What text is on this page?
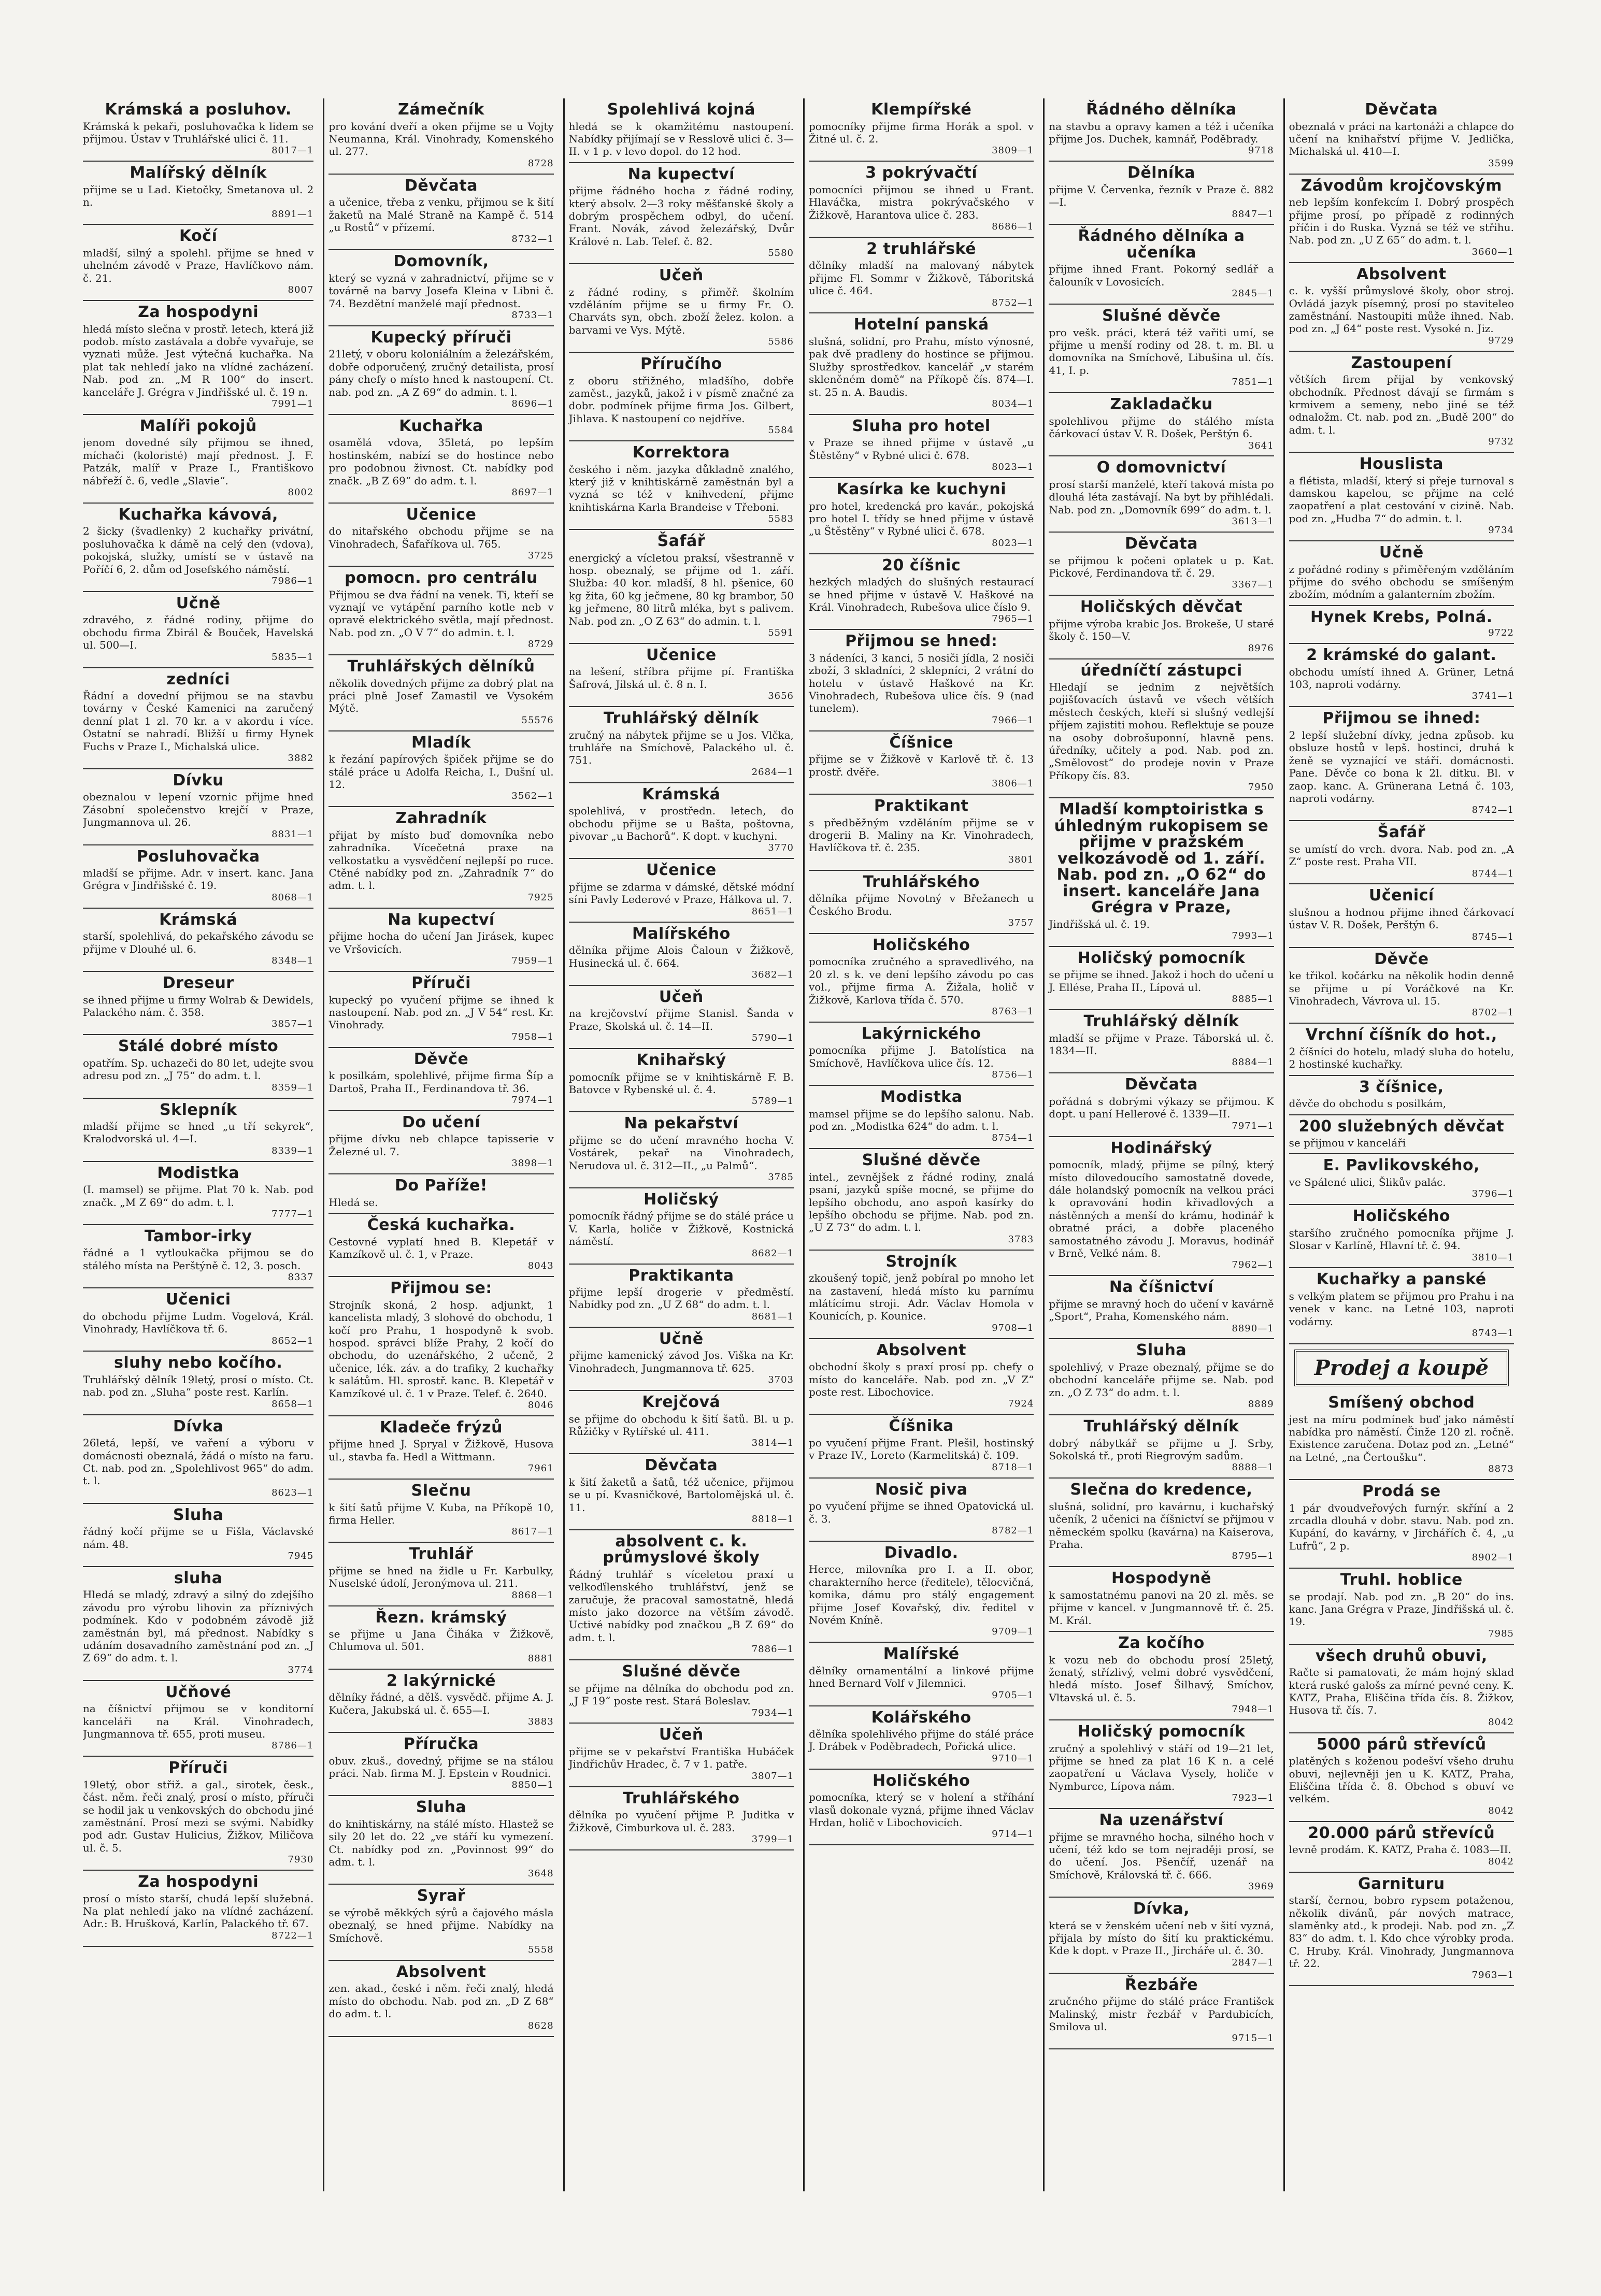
Krámská a posluhov.

Krámská k pekaři, posluhovačka k lidem se přijmou. Ústav v Truhlářské ulici č. 11.
8017—1

Malířský dělník

přijme se u Lad. Kietočky, Smetanova ul. 2 n.
8891—1

Kočí

mladší, silný a spolehl. přijme se hned v uhelném závodě v Praze, Havlíčkovo nám. č. 21.
8007

Za hospodyni

hledá místo slečna v prostř. letech, která již podob. místo zastávala a dobře vyvařuje, se vyznati může. Jest výtečná kuchařka. Na plat tak nehledí jako na vlídné zacházení. Nab. pod zn. „M R 100“ do insert. kanceláře J. Grégra v Jindřišské ul. č. 19 n.
7991—1

Malíři pokojů

jenom dovedné síly přijmou se ihned, míchači (koloristé) mají přednost. J. F. Patzák, malíř v Praze I., Františkovo nábřeží č. 6, vedle „Slavie“.
8002

Kuchařka kávová,

2 šicky (švadlenky) 2 kuchařky privátní, posluhovačka k dámě na celý den (vdova), pokojská, služky, umístí se v ústavě na Poříčí 6, 2. dům od Josefského náměstí.
7986—1

Učně

zdravého, z řádné rodiny, přijme do obchodu firma Zbirál & Bouček, Havelská ul. 500—I.
5835—1

zedníci

Řádní a dovední přijmou se na stavbu továrny v České Kamenici na zaručený denní plat 1 zl. 70 kr. a v akordu i více. Ostatní se nahradí. Bližší u firmy Hynek Fuchs v Praze I., Michalská ulice.
3882

Dívku

obeznalou v lepení vzornic přijme hned Zásobní společenstvo krejčí v Praze, Jungmannova ul. 26.
8831—1

Posluhovačka

mladší se přijme. Adr. v insert. kanc. Jana Grégra v Jindřišské č. 19.
8068—1

Krámská

starší, spolehlivá, do pekařského závodu se přijme v Dlouhé ul. 6.
8348—1

Dreseur

se ihned přijme u firmy Wolrab & Dewidels, Palackého nám. č. 358.
3857—1

Stálé dobré místo

opatřím. Sp. uchazeči do 80 let, udejte svou adresu pod zn. „J 75“ do adm. t. l.
8359—1

Sklepník

mladší přijme se hned „u tří sekyrek“, Kralodvorská ul. 4—I.
8339—1

Modistka

(I. mamsel) se přijme. Plat 70 k. Nab. pod značk. „M Z 69“ do adm. t. l.
7777—1

Tambor-irky

řádné a 1 vytloukačka přijmou se do stálého místa na Perštýně č. 12, 3. posch.
8337

Učenici

do obchodu přijme Ludm. Vogelová, Král. Vinohrady, Havlíčkova tř. 6.
8652—1

sluhy nebo kočího.

Truhlářský dělník 19letý, prosí o místo. Ct. nab. pod zn. „Sluha“ poste rest. Karlín.
8658—1

Dívka

26letá, lepší, ve vaření a výboru v domácnosti obeznalá, žádá o místo na faru. Ct. nab. pod zn. „Spolehlivost 965“ do adm. t. l.
8623—1

Sluha

řádný kočí přijme se u Fišla, Václavské nám. 48.
7945

sluha

Hledá se mladý, zdravý a silný do zdejšího závodu pro výrobu lihovin za příznivých podmínek. Kdo v podobném závodě již zaměstnán byl, má přednost. Nabídky s udáním dosavadního zaměstnání pod zn. „J Z 69“ do adm. t. l.
3774

Učňové

na číšnictví přijmou se v konditorní kanceláři na Král. Vinohradech, Jungmannova tř. 655, proti museu.
8786—1

Příruči

19letý, obor střiž. a gal., sirotek, česk., část. něm. řeči znalý, prosí o místo, příruči se hodil jak u venkovských do obchodu jiné zaměstnání. Prosí mezi se svými. Nabídky pod adr. Gustav Hulicius, Žižkov, Miličova ul. č. 5.
7930

Za hospodyni

prosí o místo starší, chudá lepší služebná. Na plat nehledí jako na vlídné zacházení. Adr.: B. Hrušková, Karlín, Palackého tř. 67.
8722—1

Zámečník

pro kování dveří a oken přijme se u Vojty Neumanna, Král. Vinohrady, Komenského ul. 277.
8728

Děvčata

a učenice, třeba z venku, přijmou se k šití žaketů na Malé Straně na Kampě č. 514 „u Rostů“ v přízemí.
8732—1

Domovník,

který se vyzná v zahradnictví, přijme se v továrně na barvy Josefa Kleina v Libni č. 74. Bezdětní manželé mají přednost.
8733—1

Kupecký příruči

21letý, v oboru koloniálním a železářském, dobře odporučený, zručný detailista, prosí pány chefy o místo hned k nastoupení. Ct. nab. pod zn. „A Z 69“ do admin. t. l.
8696—1

Kuchařka

osamělá vdova, 35letá, po lepším hostinském, nabízí se do hostince nebo pro podobnou živnost. Ct. nabídky pod značk. „B Z 69“ do adm. t. l.
8697—1

Učenice

do nitařského obchodu přijme se na Vinohradech, Šafaříkova ul. 765.
3725

pomocn. pro centrálu

Přijmou se dva řádní na venek. Ti, kteří se vyznají ve vytápění parního kotle neb v opravě elektrického světla, mají přednost. Nab. pod zn. „O V 7“ do admin. t. l.
8729

Truhlářských dělníků

několik dovedných přijme za dobrý plat na práci plně Josef Zamastil ve Vysokém Mýtě.
55576

Mladík

k řezání papírových špiček přijme se do stálé práce u Adolfa Reicha, I., Dušní ul. 12.
3562—1

Zahradník

přijat by místo buď domovníka nebo zahradníka. Vícečetná praxe na velkostatku a vysvědčení nejlepší po ruce. Ctěné nabídky pod zn. „Zahradník 7“ do adm. t. l.
7925

Na kupectví

přijme hocha do učení Jan Jirásek, kupec ve Vršovicích.
7959—1

Příruči

kupecký po vyučení přijme se ihned k nastoupení. Nab. pod zn. „J V 54“ rest. Kr. Vinohrady.
7958—1

Děvče

k posilkám, spolehlivé, přijme firma Šíp a Dartoš, Praha II., Ferdinandova tř. 36.
7974—1

Do učení

přijme dívku neb chlapce tapisserie v Železné ul. 7.
3898—1

Do Paříže!

Hledá se.

Česká kuchařka.

Cestovné vyplatí hned B. Klepetář v Kamzíkově ul. č. 1, v Praze.
8043

Přijmou se:

Strojník skoná, 2 hosp. adjunkt, 1 kancelista mladý, 3 slohové do obchodu, 1 kočí pro Prahu, 1 hospodyně k svob. hospod. správci blíže Prahy, 2 kočí do obchodu, do uzenářského, 2 učeně, 2 učenice, lék. záv. a do trafiky, 2 kuchařky k salátům. Hl. sprostř. kanc. B. Klepetář v Kamzíkové ul. č. 1 v Praze. Telef. č. 2640.
8046

Kladeče frýzů

přijme hned J. Spryal v Žižkově, Husova ul., stavba fa. Hedl a Wittmann.
7961

Slečnu

k šití šatů přijme V. Kuba, na Příkopě 10, firma Heller.
8617—1

Truhlář

přijme se hned na židle u Fr. Karbulky, Nuselské údolí, Jeronýmova ul. 211.
8868—1

Řezn. krámský

se přijme u Jana Čiháka v Žižkově, Chlumova ul. 501.
8881

2 lakýrnické

dělníky řádné, a dělš. vysvědč. přijme A. J. Kučera, Jakubská ul. č. 655—I.
3883

Příručka

obuv. zkuš., dovedný, přijme se na stálou práci. Nab. firma M. J. Epstein v Roudnici.
8850—1

Sluha

do knihtiskárny, na stálé místo. Hlastež se sily 20 let do. 22 „ve stáří ku vymezení. Ct. nabídky pod zn. „Povinnost 99“ do adm. t. l.
3648

Syrař

se výrobě měkkých sýrů a čajového másla obeznalý, se hned přijme. Nabídky na Smíchově.
5558

Absolvent

zen. akad., české i něm. řeči znalý, hledá místo do obchodu. Nab. pod zn. „D Z 68“ do adm. t. l.
8628

Spolehlivá kojná

hledá se k okamžitému nastoupení. Nabídky přijímají se v Resslově ulici č. 3—II. v 1 p. v levo dopol. do 12 hod.

Na kupectví

přijme řádného hocha z řádné rodiny, který absolv. 2—3 roky měšťanské školy a dobrým prospěchem odbyl, do učení. Frant. Novák, závod železářský, Dvůr Králové n. Lab. Telef. č. 82.
5580

Učeň

z řádné rodiny, s přiměř. školním vzděláním přijme se u firmy Fr. O. Charváts syn, obch. zboží želez. kolon. a barvami ve Vys. Mýtě.
5586

Příručího

z oboru střižného, mladšího, dobře zaměst., jazyků, jakož i v písmě značné za dobr. podmínek přijme firma Jos. Gilbert, Jihlava. K nastoupení co nejdříve.
5584

Korrektora

českého i něm. jazyka důkladně znalého, který již v knihtiskárně zaměstnán byl a vyzná se též v knihvedení, přijme knihtiskárna Karla Brandeise v Třeboni.
5583

Šafář

energický a vícletou praksí, všestranně v hosp. obeznalý, se přijme od 1. září. Služba: 40 kor. mladší, 8 hl. pšenice, 60 kg žita, 60 kg ječmene, 80 kg brambor, 50 kg jeřmene, 80 litrů mléka, byt s palivem. Nab. pod zn. „O Z 63“ do admin. t. l.
5591

Učenice

na lešení, stříbra přijme pí. Františka Šafrová, Jilská ul. č. 8 n. I.
3656

Truhlářský dělník

zručný na nábytek přijme se u Jos. Vlčka, truhláře na Smíchově, Palackého ul. č. 751.
2684—1

Krámská

spolehlivá, v prostředn. letech, do obchodu přijme se u Bašta, poštovna, pivovar „u Bachorů“. K dopt. v kuchyni.
3770

Učenice

přijme se zdarma v dámské, dětské módní síni Pavly Lederové v Praze, Hálkova ul. 7.
8651—1

Malířského

dělníka přijme Alois Čaloun v Žižkově, Husinecká ul. č. 664.
3682—1

Učeň

na krejčovství přijme Stanisl. Šanda v Praze, Skolská ul. č. 14—II.
5790—1

Knihařský

pomocník přijme se v knihtiskárně F. B. Batovce v Rybenské ul. č. 4.
5789—1

Na pekařství

přijme se do učení mravného hocha V. Vostárek, pekař na Vinohradech, Nerudova ul. č. 312—II., „u Palmů“.
3785

Holičský

pomocník řádný přijme se do stálé práce u V. Karla, holiče v Žižkově, Kostnická náměstí.
8682—1

Praktikanta

přijme lepší drogerie v předměstí. Nabídky pod zn. „U Z 68“ do adm. t. l.
8681—1

Učně

přijme kamenický závod Jos. Viška na Kr. Vinohradech, Jungmannova tř. 625.
3703

Krejčová

se přijme do obchodu k šití šatů. Bl. u p. Růžičky v Rytířské ul. 411.
3814—1

Děvčata

k šití žaketů a šatů, též učenice, přijmou se u pí. Kvasničkové, Bartolomějská ul. č. 11.
8818—1

absolvent c. k. průmyslové školy

Řádný truhlář s víceletou praxí u velkoďílenského truhlářství, jenž se zaručuje, že pracoval samostatně, hledá místo jako dozorce na větším závodě. Uctivé nabídky pod značkou „B Z 69“ do adm. t. l.
7886—1

Slušné děvče

se přijme na dělníka do obchodu pod zn. „J F 19“ poste rest. Stará Boleslav.
7934—1

Učeň

přijme se v pekařství Františka Hubáček Jindřichův Hradec, č. 7 v 1. patře.
3807—1

Truhlářského

dělníka po vyučení přijme P. Juditka v Žižkově, Cimburkova ul. č. 283.
3799—1

Klempířské

pomocníky přijme firma Horák a spol. v Žitné ul. č. 2.
3809—1

3 pokrývačtí

pomocníci přijmou se ihned u Frant. Hlaváčka, mistra pokrývačského v Žižkově, Harantova ulice č. 283.
8686—1

2 truhlářské

dělníky mladší na malovaný nábytek přijme Fl. Sommr v Žižkově, Táboritská ulice č. 464.
8752—1

Hotelní panská

slušná, solidní, pro Prahu, místo výnosné, pak dvě pradleny do hostince se přijmou. Služby sprostředkov. kancelář „v starém skleněném domě“ na Příkopě čís. 874—I. st. 25 n. A. Baudis.
8034—1

Sluha pro hotel

v Praze se ihned přijme v ústavě „u Štěstěny“ v Rybné ulici č. 678.
8023—1

Kasírka ke kuchyni

pro hotel, kredencká pro kavár., pokojská pro hotel I. třídy se hned přijme v ústavě „u Štěstěny“ v Rybné ulici č. 678.
8023—1

20 číšnic

hezkých mladých do slušných restaurací se hned přijme v ústavě V. Haškové na Král. Vinohradech, Rubešova ulice číslo 9.
7965—1

Přijmou se hned:

3 nádeníci, 3 kanci, 5 nosiči jídla, 2 nosiči zboží, 3 skladníci, 2 sklepníci, 2 vrátní do hotelu v ústavě Haškové na Kr. Vinohradech, Rubešova ulice čís. 9 (nad tunelem).
7966—1

Číšnice

přijme se v Žižkově v Karlově tř. č. 13 prostř. dvěře.
3806—1

Praktikant

s předběžným vzděláním přijme se v drogerii B. Maliny na Kr. Vinohradech, Havlíčkova tř. č. 235.
3801

Truhlářského

dělníka přijme Novotný v Břežanech u Českého Brodu.
3757

Holičského

pomocníka zručného a spravedlivého, na 20 zl. s k. ve dení lepšího závodu po cas vol., přijme firma A. Žižala, holič v Žižkově, Karlova třída č. 570.
8763—1

Lakýrnického

pomocníka přijme J. Batolística na Smíchově, Havlíčkova ulice čís. 12.
8756—1

Modistka

mamsel přijme se do lepšího salonu. Nab. pod zn. „Modistka 624“ do adm. t. l.
8754—1

Slušné děvče

intel., zevnějšek z řádné rodiny, znalá psaní, jazyků spíše mocné, se přijme do lepšího obchodu, ano aspoň kasírky do lepšího obchodu se přijme. Nab. pod zn. „U Z 73“ do adm. t. l.
3783

Strojník

zkoušený topič, jenž pobíral po mnoho let na zastavení, hledá místo ku parnímu mlátícímu stroji. Adr. Václav Homola v Kounicích, p. Kounice.
9708—1

Absolvent

obchodní školy s praxí prosí pp. chefy o místo do kanceláře. Nab. pod zn. „V Z“ poste rest. Libochovice.
7924

Číšnika

po vyučení přijme Frant. Plešil, hostinský v Praze IV., Loreto (Karmelitská) č. 109.
8718—1

Nosič piva

po vyučení přijme se ihned Opatovická ul. č. 3.
8782—1

Divadlo.

Herce, milovníka pro I. a II. obor, charakterního herce (ředitele), tělocvičná, komika, dámu pro stálý engagement přijme Josef Kovařský, div. ředitel v Novém Kníně.
9709—1

Malířské

dělníky ornamentální a linkové přijme hned Bernard Volf v Jilemnici.
9705—1

Kolářského

dělníka spolehlivého přijme do stálé práce J. Drábek v Poděbradech, Pořická ulice.
9710—1

Holičského

pomocníka, který se v holení a stříhání vlasů dokonale vyzná, přijme ihned Václav Hrdan, holič v Libochovicích.
9714—1

Řádného dělníka

na stavbu a opravy kamen a též i učeníka přijme Jos. Duchek, kamnář, Poděbrady.
9718

Dělníka

přijme V. Červenka, řezník v Praze č. 882—I.
8847—1

Řádného dělníka a učeníka

přijme ihned Frant. Pokorný sedlář a čalouník v Lovosicích.
2845—1

Slušné děvče

pro vešk. práci, která též vařiti umí, se přijme u menší rodiny od 28. t. m. Bl. u domovníka na Smíchově, Libušina ul. čís. 41, I. p.
7851—1

Zakladačku

spolehlivou přijme do stálého místa čárkovací ústav V. R. Došek, Perštýn 6.
3641

O domovnictví

prosí starší manželé, kteří taková místa po dlouhá léta zastávají. Na byt by přihlédali. Nab. pod zn. „Domovník 699“ do adm. t. l.
3613—1

Děvčata

se přijmou k počeni oplatek u p. Kat. Pickové, Ferdinandova tř. č. 29.
3367—1

Holičských děvčat

přijme výroba krabic Jos. Brokeše, U staré školy č. 150—V.
8976

úředníčtí zástupci

Hledají se jednim z největších pojišťovacích ústavů ve všech větších městech českých, kteří si slušný vedlejší příjem zajistiti mohou. Reflektuje se pouze na osoby dobrošuponní, hlavně pens. úředníky, učitely a pod. Nab. pod zn. „Smělovost“ do prodeje novin v Praze Příkopy čís. 83.
7950

Mladší komptoiristka s úhledným rukopisem se přijme v pražském velkozávodě od 1. září. Nab. pod zn. „O 62“ do insert. kanceláře Jana Grégra v Praze,

Jindřišská ul. č. 19.
7993—1

Holičský pomocník

se přijme se ihned. Jakož i hoch do učení u J. Ellése, Praha II., Lípová ul.
8885—1

Truhlářský dělník

mladší se přijme v Praze. Táborská ul. č. 1834—II.
8884—1

Děvčata

pořádná s dobrými výkazy se přijmou. K dopt. u paní Hellerové č. 1339—II.
7971—1

Hodinářský

pomocník, mladý, přijme se pílný, který místo dilovedoucího samostatně dovede, dále holandský pomocník na velkou práci k opravování hodin křivadlových a nástěnných a menší do krámu, hodinář k obratné práci, a dobře placeného samostatného závodu J. Moravus, hodinář v Brně, Velké nám. 8.
7962—1

Na číšnictví

přijme se mravný hoch do učení v kavárně „Sport“, Praha, Komenského nám.
8890—1

Sluha

spolehlivý, v Praze obeznalý, přijme se do obchodní kanceláře přijme se. Nab. pod zn. „O Z 73“ do adm. t. l.
8889

Truhlářský dělník

dobrý nábytkář se přijme u J. Srby, Sokolská tř., proti Riegrovým sadům.
8888—1

Slečna do kredence,

slušná, solidní, pro kavárnu, i kuchařský učeník, 2 učenici na číšnictví se přijmou v německém spolku (kavárna) na Kaiserova, Praha.
8795—1

Hospodyně

k samostatnému panovi na 20 zl. měs. se přijme v kancel. v Jungmannově tř. č. 25. M. Král.

Za kočího

k vozu neb do obchodu prosí 25letý, ženatý, střízlivý, velmi dobré vysvědčení, hledá místo. Josef Šilhavý, Smíchov, Vltavská ul. č. 5.
7948—1

Holičský pomocník

zručný a spolehlivý v stáří od 19—21 let, přijme se hned za plat 16 K n. a celé zaopatření u Václava Vysely, holiče v Nymburce, Lípova nám.
7923—1

Na uzenářství

přijme se mravného hocha, silného hoch v učení, též kdo se tom nejraději prosí, se do učení. Jos. Pšenčíř, uzenář na Smíchově, Královská tř. č. 666.
3969

Dívka,

která se v ženském učení neb v šití vyzná, přijala by místo do šití ku praktickému. Kde k dopt. v Praze II., Jircháře ul. č. 30.
2847—1

Řezbáře

zručného přijme do stálé práce František Malinský, mistr řezbář v Pardubicích, Smilova ul.
9715—1

Děvčata

obeznalá v práci na kartonáži a chlapce do učení na knihařství přijme V. Jedlička, Michalská ul. 410—I.
3599

Závodům krojčovským

neb lepším konfekcím I. Dobrý prospěch přijme prosí, po případě z rodinných příčin i do Ruska. Vyzná se též ve střihu. Nab. pod zn. „U Z 65“ do adm. t. l.
3660—1

Absolvent

c. k. vyšší průmyslové školy, obor stroj. Ovládá jazyk písemný, prosí po staviteleo zaměstnání. Nastoupiti může ihned. Nab. pod zn. „J 64“ poste rest. Vysoké n. Jiz.
9729

Zastoupení

větších firem přijal by venkovský obchodník. Přednost dávají se firmám s krmivem a semeny, nebo jiné se též odnaložm. Ct. nab. pod zn. „Budě 200“ do adm. t. l.
9732

Houslista

a flétista, mladší, který si přeje turnoval s damskou kapelou, se přijme na celé zaopatření a plat cestování v cizině. Nab. pod zn. „Hudba 7“ do admin. t. l.
9734

Učně

z pořádné rodiny s přiměřeným vzděláním přijme do svého obchodu se smíšeným zbožím, módním a galanterním zbožím.

Hynek Krebs, Polná.

9722

2 krámské do galant.

obchodu umístí ihned A. Grüner, Letná 103, naproti vodárny.
3741—1

Přijmou se ihned:

2 lepší služební dívky, jedna způsob. ku obsluze hostů v lepš. hostinci, druhá k ženě se vyznající ve stáří. domácnosti. Pane. Děvče co bona k 2l. ditku. Bl. v zaop. kanc. A. Grünerana Letná č. 103, naproti vodárny.
8742—1

Šafář

se umístí do vrch. dvora. Nab. pod zn. „A Z“ poste rest. Praha VII.
8744—1

Učenicí

slušnou a hodnou přijme ihned čárkovací ústav V. R. Došek, Perštýn 6.
8745—1

Děvče

ke třikol. kočárku na několik hodin denně se přijme u pí Voráčkové na Kr. Vinohradech, Vávrova ul. 15.
8702—1

Vrchní číšník do hot.,

2 číšníci do hotelu, mladý sluha do hotelu, 2 hostinské kuchařky.

3 číšnice,

děvče do obchodu s posilkám,

200 služebných děvčat

se přijmou v kanceláři

E. Pavlikovského,

ve Spálené ulici, Šlikův palác.
3796—1

Holičského

staršího zručného pomocníka přijme J. Slosar v Karlíně, Hlavní tř. č. 94.
3810—1

Kuchařky a panské

s velkým platem se přijmou pro Prahu i na venek v kanc. na Letné 103, naproti vodárny.
8743—1

Prodej a koupě
Smíšený obchod

jest na míru podmínek buď jako náměstí nabídka pro náměstí. Činže 120 zl. ročně. Existence zaručena. Dotaz pod zn. „Letné“ na Letné, „na Čertoušku“.
8873

Prodá se

1 pár dvoudveřových furnýr. skříní a 2 zrcadla dlouhá v dobr. stavu. Nab. pod zn. Kupání, do kavárny, v Jirchářích č. 4, „u Lufrů“, 2 p.
8902—1

Truhl. hoblice

se prodají. Nab. pod zn. „B 20“ do ins. kanc. Jana Grégra v Praze, Jindřišská ul. č. 19.
7985

všech druhů obuvi,

Račte si pamatovati, že mám hojný sklad která ruské galošs za mírné pevné ceny. K. KATZ, Praha, Eliščina třída čís. 8. Žižkov, Husova tř. čís. 7.
8042

5000 párů střevíců

platěných s koženou podešví všeho druhu obuvi, nejlevněji jen u K. KATZ, Praha, Eliščina třída č. 8. Obchod s obuví ve velkém.
8042

20.000 párů střevíců

levně prodám. K. KATZ, Praha č. 1083—II.
8042

Garnituru

starší, černou, bobro rypsem potaženou, několik divánů, pár nových matrace, slaměnky atd., k prodeji. Nab. pod zn. „Z 83“ do adm. t. l. Kdo chce výrobky proda. C. Hruby. Král. Vinohrady, Jungmannova tř. 22.
7963—1
